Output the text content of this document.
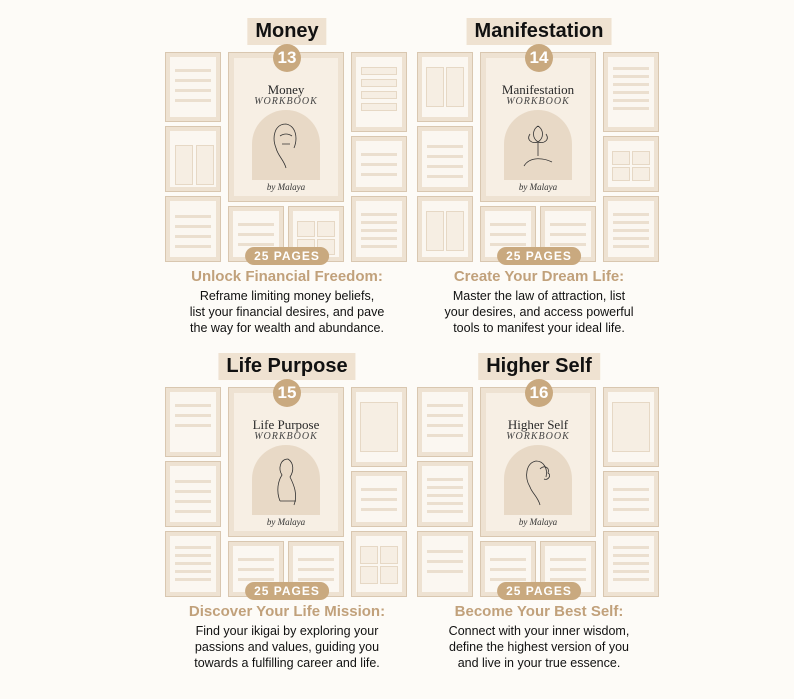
Money
13
Money
WORKBOOK
by Malaya
25 PAGES
Unlock Financial Freedom:
Reframe limiting money beliefs,
list your financial desires, and pave
the way for wealth and abundance.
Manifestation
14
Manifestation
WORKBOOK
by Malaya
25 PAGES
Create Your Dream Life:
Master the law of attraction, list
your desires, and access powerful
tools to manifest your ideal life.
Life Purpose
15
Life Purpose
WORKBOOK
by Malaya
25 PAGES
Discover Your Life Mission:
Find your ikigai by exploring your
passions and values, guiding you
towards a fulfilling career and life.
Higher Self
16
Higher Self
WORKBOOK
by Malaya
25 PAGES
Become Your Best Self:
Connect with your inner wisdom,
define the highest version of you
and live in your true essence.
